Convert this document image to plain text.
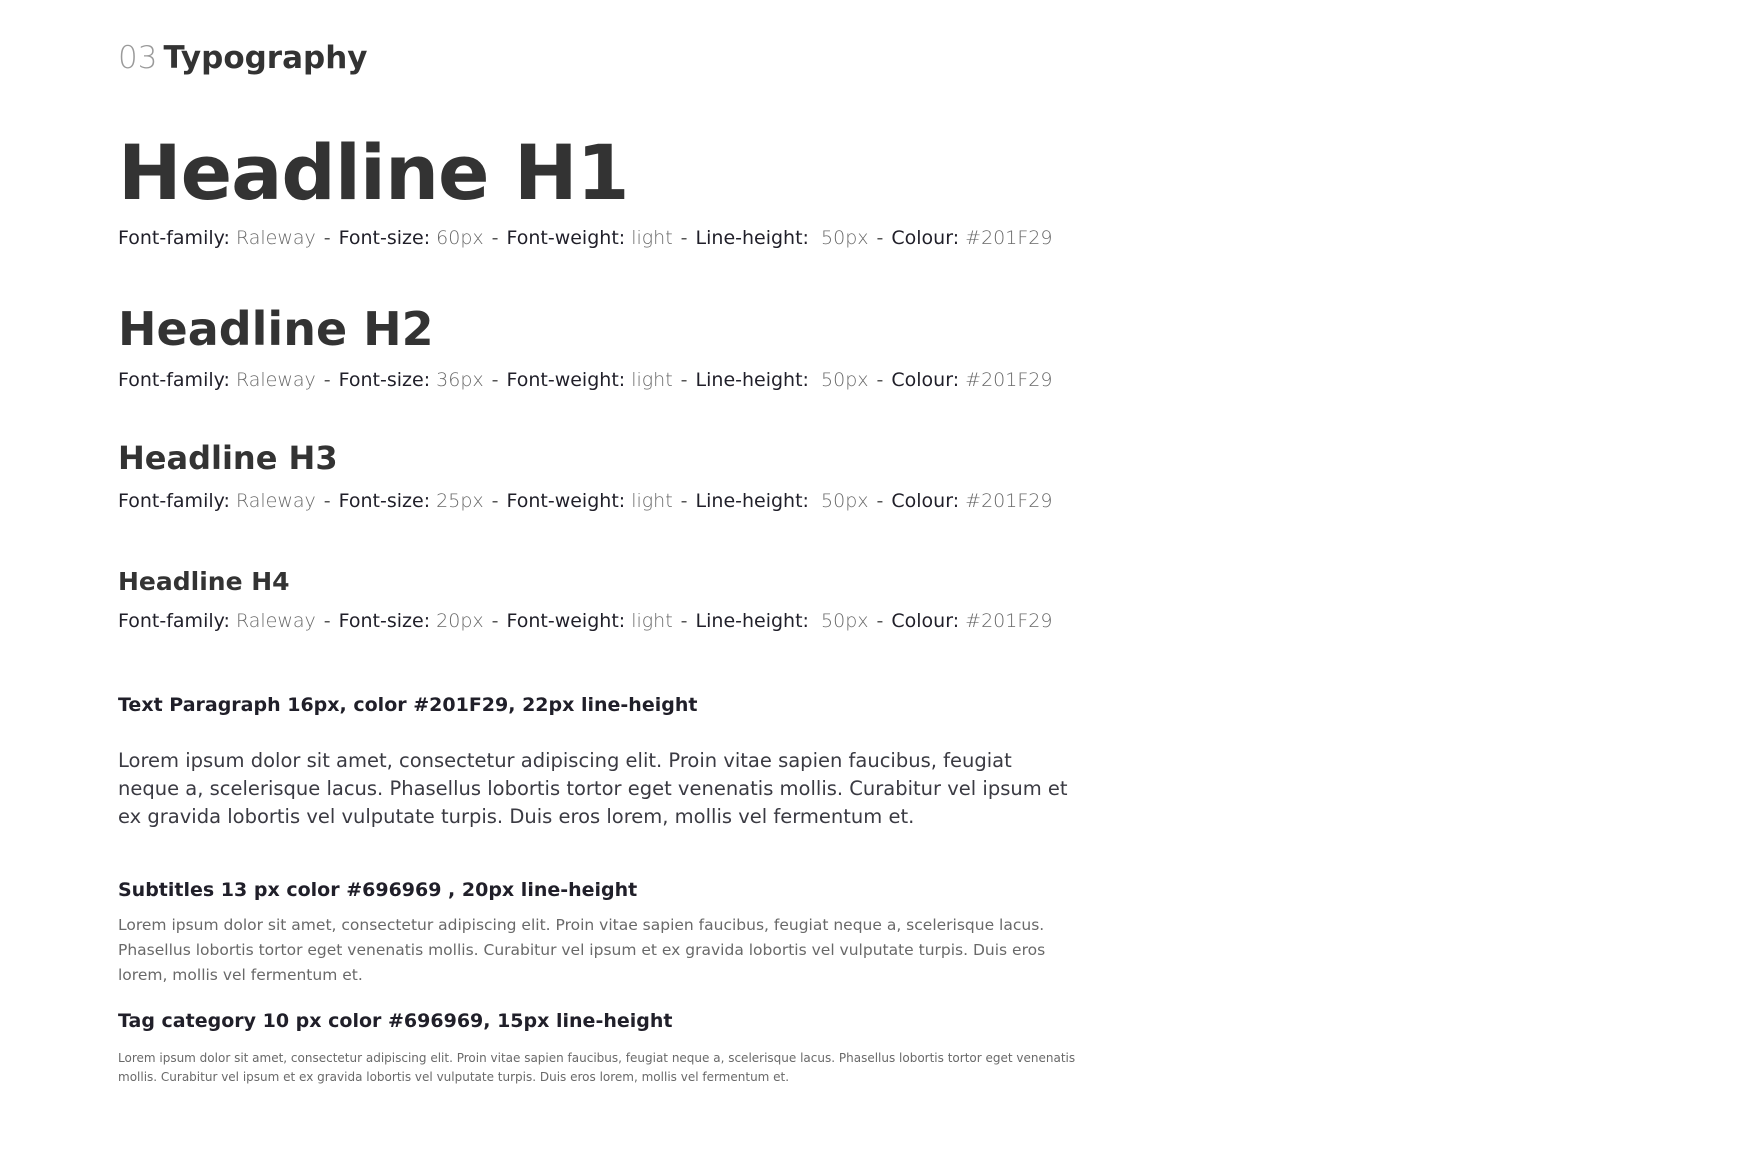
03 Typography
Headline H1
Font-family: Raleway - Font-size: 60px - Font-weight: light - Line-height: 50px - Colour: #201F29
Headline H2
Font-family: Raleway - Font-size: 36px - Font-weight: light - Line-height: 50px - Colour: #201F29
Headline H3
Font-family: Raleway - Font-size: 25px - Font-weight: light - Line-height: 50px - Colour: #201F29
Headline H4
Font-family: Raleway - Font-size: 20px - Font-weight: light - Line-height: 50px - Colour: #201F29
Text Paragraph 16px, color #201F29, 22px line-height

Lorem ipsum dolor sit amet, consectetur adipiscing elit. Proin vitae sapien faucibus, feugiat neque a, scelerisque lacus. Phasellus lobortis tortor eget venenatis mollis. Curabitur vel ipsum et ex gravida lobortis vel vulputate turpis. Duis eros lorem, mollis vel fermentum et.

Subtitles 13 px color #696969 , 20px line-height

Lorem ipsum dolor sit amet, consectetur adipiscing elit. Proin vitae sapien faucibus, feugiat neque a, scelerisque lacus. Phasellus lobortis tortor eget venenatis mollis. Curabitur vel ipsum et ex gravida lobortis vel vulputate turpis. Duis eros lorem, mollis vel fermentum et.

Tag category 10 px color #696969, 15px line-height

Lorem ipsum dolor sit amet, consectetur adipiscing elit. Proin vitae sapien faucibus, feugiat neque a, scelerisque lacus. Phasellus lobortis tortor eget venenatis mollis. Curabitur vel ipsum et ex gravida lobortis vel vulputate turpis. Duis eros lorem, mollis vel fermentum et.
